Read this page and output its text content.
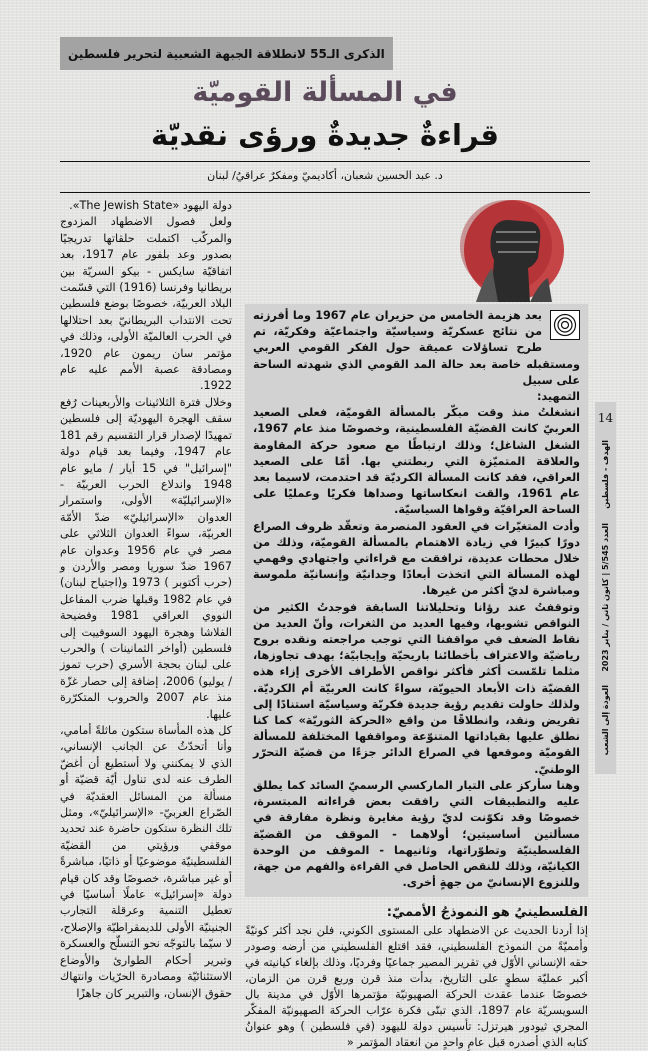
الذكرى الـ55 لانطلاقة الجبهة الشعبية لتحرير فلسطين
في المسألة القوميّة
قراءةٌ جديدةٌ ورؤى نقديّة
د. عبد الحسين شعبان، أكاديميّ ومفكرٌ عراقيُ/ لبنان

بعد هزيمة الخامس من حزيران عام 1967 وما أفرزته من نتائج عسكريّة وسياسيّة واجتماعيّة وفكريّة، تم طرح تساؤلات عميقة حول الفكر القومي العربي ومستقبله خاصة بعد حالة المد القومي الذي شهدته الساحة على سبيل

التمهيد:

انشغلتُ منذ وقت مبكّر بالمسألة القوميّة، فعلى الصعيد العربيّ كانت القضيّة الفلسطينية، وخصوصًا منذ عام 1967، الشغل الشاغل؛ وذلك ارتباطًا مع صعود حركة المقاومة والعلاقة المتميّزة التي ربطتني بها. أمّا على الصعيد العراقي، فقد كانت المسألة الكرديّة قد احتدمت، لاسيما بعد عام 1961، والقت انعكاساتها وصداها فكريًا وعمليًا على الساحة العراقيّة وقواها السياسيّة.

وأدت المتغيّرات في العقود المنصرمة وتعقّد ظروف الصراع دورًا كبيرًا في زيادة الاهتمام بالمسألة القوميّة، وذلك من خلال محطات عديدة، ترافقت مع قراءاتي واجتهادي وفهمي لهذه المسألة التي اتخذت أبعادًا وجدانيّة وإنسانيّة ملموسة ومباشرة لديّ أكثر من غيرها.

وتوقفتُ عند رؤانا وتحليلاتنا السابقة فوجدتُ الكثير من النواقص تشوبها، وفيها العديد من الثغرات، وأنّ العديد من نقاط الضعف في مواقفنا التي توجب مراجعته ونقده بروح رياضيّة والاعتراف بأخطائنا باريحيّة وإيجابيّة؛ بهدف تجاوزها، مثلما تلمّست أكثر فأكثر نواقص الأطراف الأخرى إزاء هذه القضيّة ذات الأبعاد الحيويّة، سواءً كانت العربيّة أم الكرديّة. ولذلك حاولت تقديم رؤية جديدة فكريّة وسياسيّة استنادًا إلى تقريض ونقد، وانطلاقًا من واقع «الحركة الثوريّة» كما كنا نطلق عليها بقياداتها المتنوّعة ومواقفها المختلفة للمسألة القوميّة وموقعها في الصراع الدائر جزءًا من قضيّة التحرّر الوطنيّ.

وهنا سأركز على التيار الماركسي الرسميّ السائد كما يطلق عليه والتطبيقات التي رافقت بعض قراءاته المبتسرة، خصوصًا وقد تكوّنت لديّ رؤية مغايرة ونظرة مفارقة في مسألتين أساسيتين؛ أولاهما - الموقف من القضيّة الفلسطينيّة وتطوّراتها، وثانيهما - الموقف من الوحدة الكيانيّة، وذلك للنقص الحاصل في القراءة والفهم من جهة، وللنزوع الإنسانيّ من جهةٍ أخرى.

الفلسطينيُ هو النموذجُ الأمميّ:

إذا أردنا الحديث عن الاضطهاد على المستوى الكوني، فلن نجد أكثر كونيّةً وأمميّةً من النموذج الفلسطيني، فقد اقتلع الفلسطيني من أرضه وصودر حقه الإنساني الأوّل في تقرير المصير جماعيًا وفرديًا، وذلك بإلغاء كيانيته في أكبر عمليّة سطوٍ على التاريخ، بدأت منذ قرن وربع قرن من الزمان، خصوصًا عندما عقدت الحركة الصهيونيّة مؤتمرها الأوّل في مدينة بال السويسريّة عام 1897، الذي تبنّى فكرة عرّاب الحركة الصهيونيّة المفكّر المجري ثيودور هيرتزل: تأسيس دولة لليهود (في فلسطين ) وهو عنوانُ كتابه الذي أصدره قبل عامٍ واحدٍ من انعقاد المؤتمر «

دولة اليهود «The Jewish State».

ولعل فصول الاضطهاد المزدوج والمركّب اكتملت حلقاتها تدريجيًا بصدور وعد بلفور عام 1917، بعد اتفاقيّة سايكس - بيكو السريّة بين بريطانيا وفرنسا (1916) التي قسّمت البلاد العربيّة، خصوصًا بوضع فلسطين تحت الانتداب البريطانيّ بعد احتلالها في الحرب العالميّة الأولى، وذلك في مؤتمر سان ريمون عام 1920، ومصادقة عصبة الأمم عليه عام 1922.

وخلال فترة الثلاثينات والأربعينات رُفع سقف الهجرة اليهوديّة إلى فلسطين تمهيدًا لإصدار قرار التقسيم رقم 181 عام 1947، وفيما بعد قيام دولة "إسرائيل" في 15 أيار / مايو عام 1948 واندلاع الحرب العربيّة - «الإسرائيليّة» الأولى، واستمرار العدوان «الإسرائيليّ» ضدّ الأمّة العربيّة، سواءً العدوان الثلاثي على مصر في عام 1956 وعدوان عام 1967 ضدّ سوريا ومصر والأردن و (حرب أكتوبر ) 1973 و(اجتياح لبنان) في عام 1982 وقبلها ضرب المفاعل النووي العراقي 1981 وفضيحة الفلاشا وهجرة اليهود السوفييت إلى فلسطين (أواخر الثمانينات ) والحرب على لبنان بحجة الأسري (حرب تموز / يوليو) 2006، إضافة إلى حصار غزّة منذ عام 2007 والحروب المتكرّرة عليها.

كل هذه المأساة ستكون ماثلةً أمامي، وأنا أتحدّثُ عن الجانب الإنساني، الذي لا يمكنني ولا أستطيع أن أغضّ الطرف عنه لدى تناول أيّة قضيّة أو مسألة من المسائل العقديّة في الصّراع العربيّ- «الإسرائيليّ»، ومثل تلك النظرة ستكون حاضرة عند تحديد موقفي ورؤيتي من القضيّة الفلسطينيّة موضوعيًا أو ذاتيًا، مباشرةً أو غير مباشرة، خصوصًا وقد كان قيام دولة «إسرائيل» عاملًا أساسيًا في تعطيل التنمية وعرقلة التجارب الجنينيّة الأولى للديمقراطيّة والإصلاح، لا سيّما بالتوجّه نحو التسلّح والعسكرة وتبرير أحكام الطوارئ والأوضاع الاستثنائيّة ومصادرة الحرّيات وانتهاك حقوق الإنسان، والتبرير كان جاهزًا

14
الهدف - فلسطين
العدد 5/545 | كانون ثاني / يناير 2023
العودة إلى الشعب
